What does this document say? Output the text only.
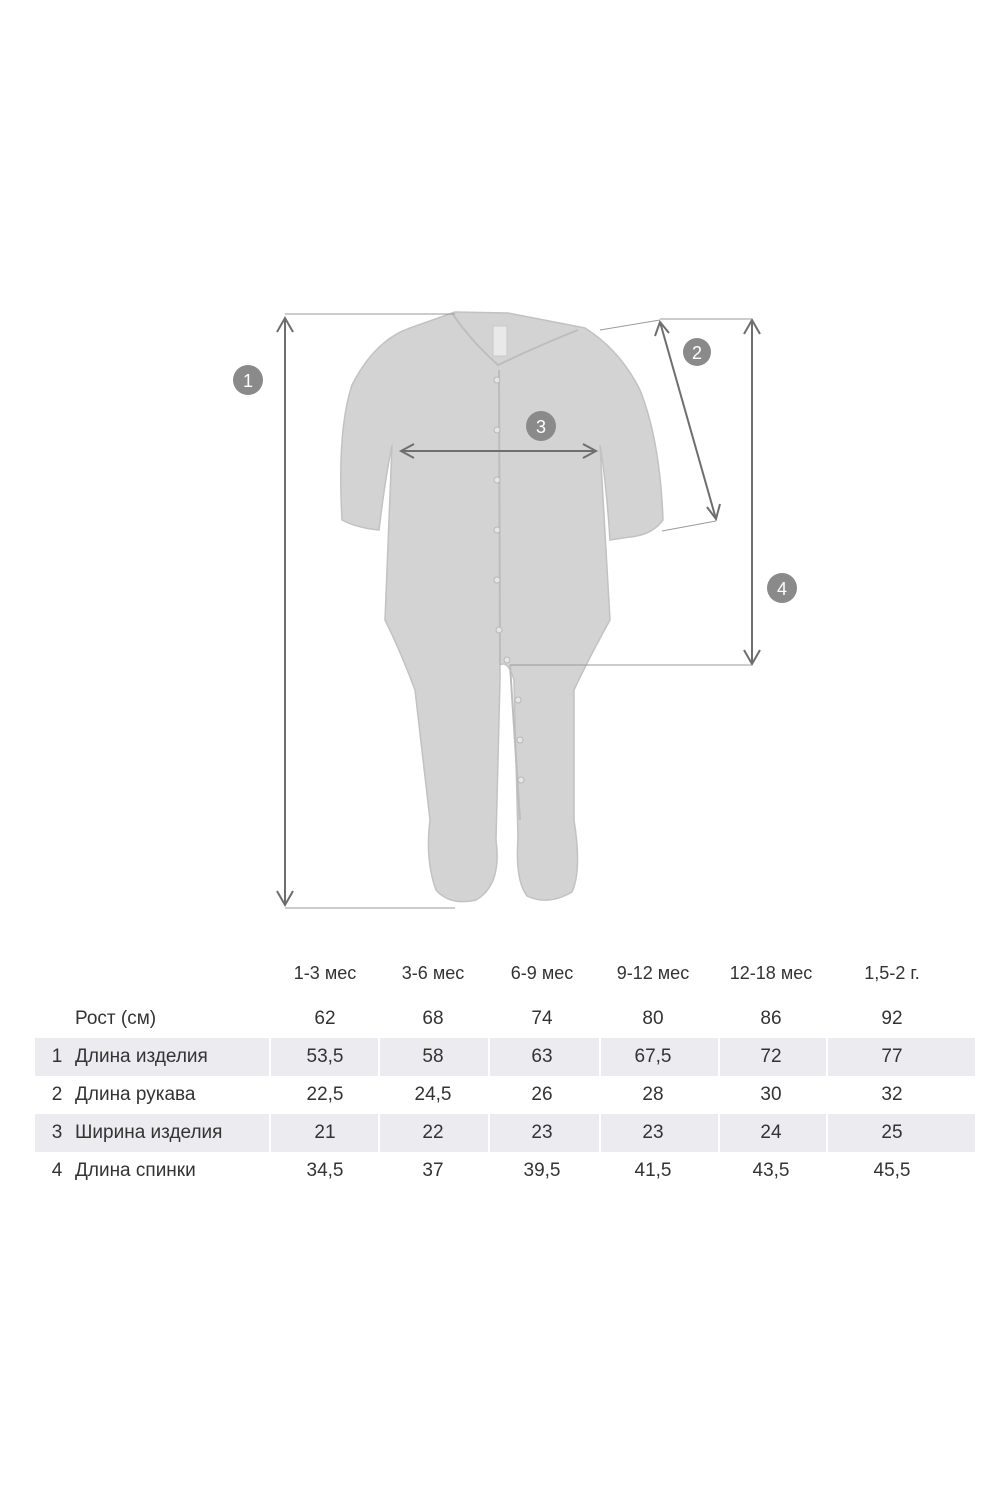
1
2
3
4
1-3 мес	3-6 мес	6-9 мес	9-12 мес	12-18 мес	1,5-2 г.
Рост (см)	62	68	74	80	86	92
1 Длина изделия	53,5	58	63	67,5	72	77
2 Длина рукава	22,5	24,5	26	28	30	32
3 Ширина изделия	21	22	23	23	24	25
4 Длина спинки	34,5	37	39,5	41,5	43,5	45,5
